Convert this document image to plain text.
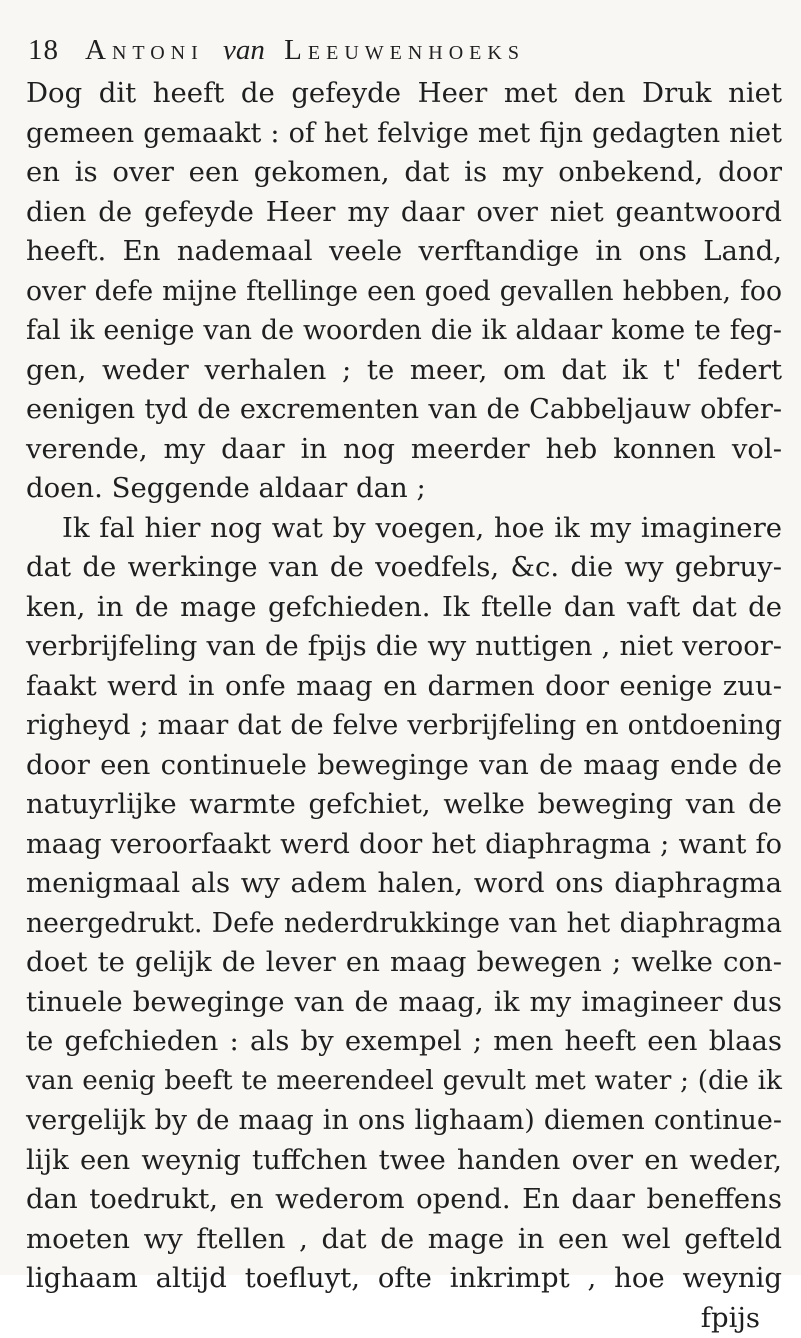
18 Antoni van Leeuwenhoeks
Dog dit heeft de gefeyde Heer met den Druk niet
gemeen gemaakt : of het felvige met fijn gedagten niet
en is over een gekomen, dat is my onbekend, door
dien de gefeyde Heer my daar over niet geantwoord
heeft. En nademaal veele verftandige in ons Land,
over defe mijne ftellinge een goed gevallen hebben, foo
fal ik eenige van de woorden die ik aldaar kome te feg-
gen, weder verhalen ; te meer, om dat ik t' federt
eenigen tyd de excrementen van de Cabbeljauw obfer-
verende, my daar in nog meerder heb konnen vol-
doen. Seggende aldaar dan ;
Ik fal hier nog wat by voegen, hoe ik my imaginere
dat de werkinge van de voedfels, &c. die wy gebruy-
ken, in de mage gefchieden. Ik ftelle dan vaft dat de
verbrijfeling van de fpijs die wy nuttigen , niet veroor-
faakt werd in onfe maag en darmen door eenige zuu-
righeyd ; maar dat de felve verbrijfeling en ontdoening
door een continuele beweginge van de maag ende de
natuyrlijke warmte gefchiet, welke beweging van de
maag veroorfaakt werd door het diaphragma ; want fo
menigmaal als wy adem halen, word ons diaphragma
neergedrukt. Defe nederdrukkinge van het diaphragma
doet te gelijk de lever en maag bewegen ; welke con-
tinuele beweginge van de maag, ik my imagineer dus
te gefchieden : als by exempel ; men heeft een blaas
van eenig beeft te meerendeel gevult met water ; (die ik
vergelijk by de maag in ons lighaam) diemen continue-
lijk een weynig tuffchen twee handen over en weder,
dan toedrukt, en wederom opend. En daar beneffens
moeten wy ftellen , dat de mage in een wel gefteld
lighaam altijd toefluyt, ofte inkrimpt , hoe weynig
fpijs
